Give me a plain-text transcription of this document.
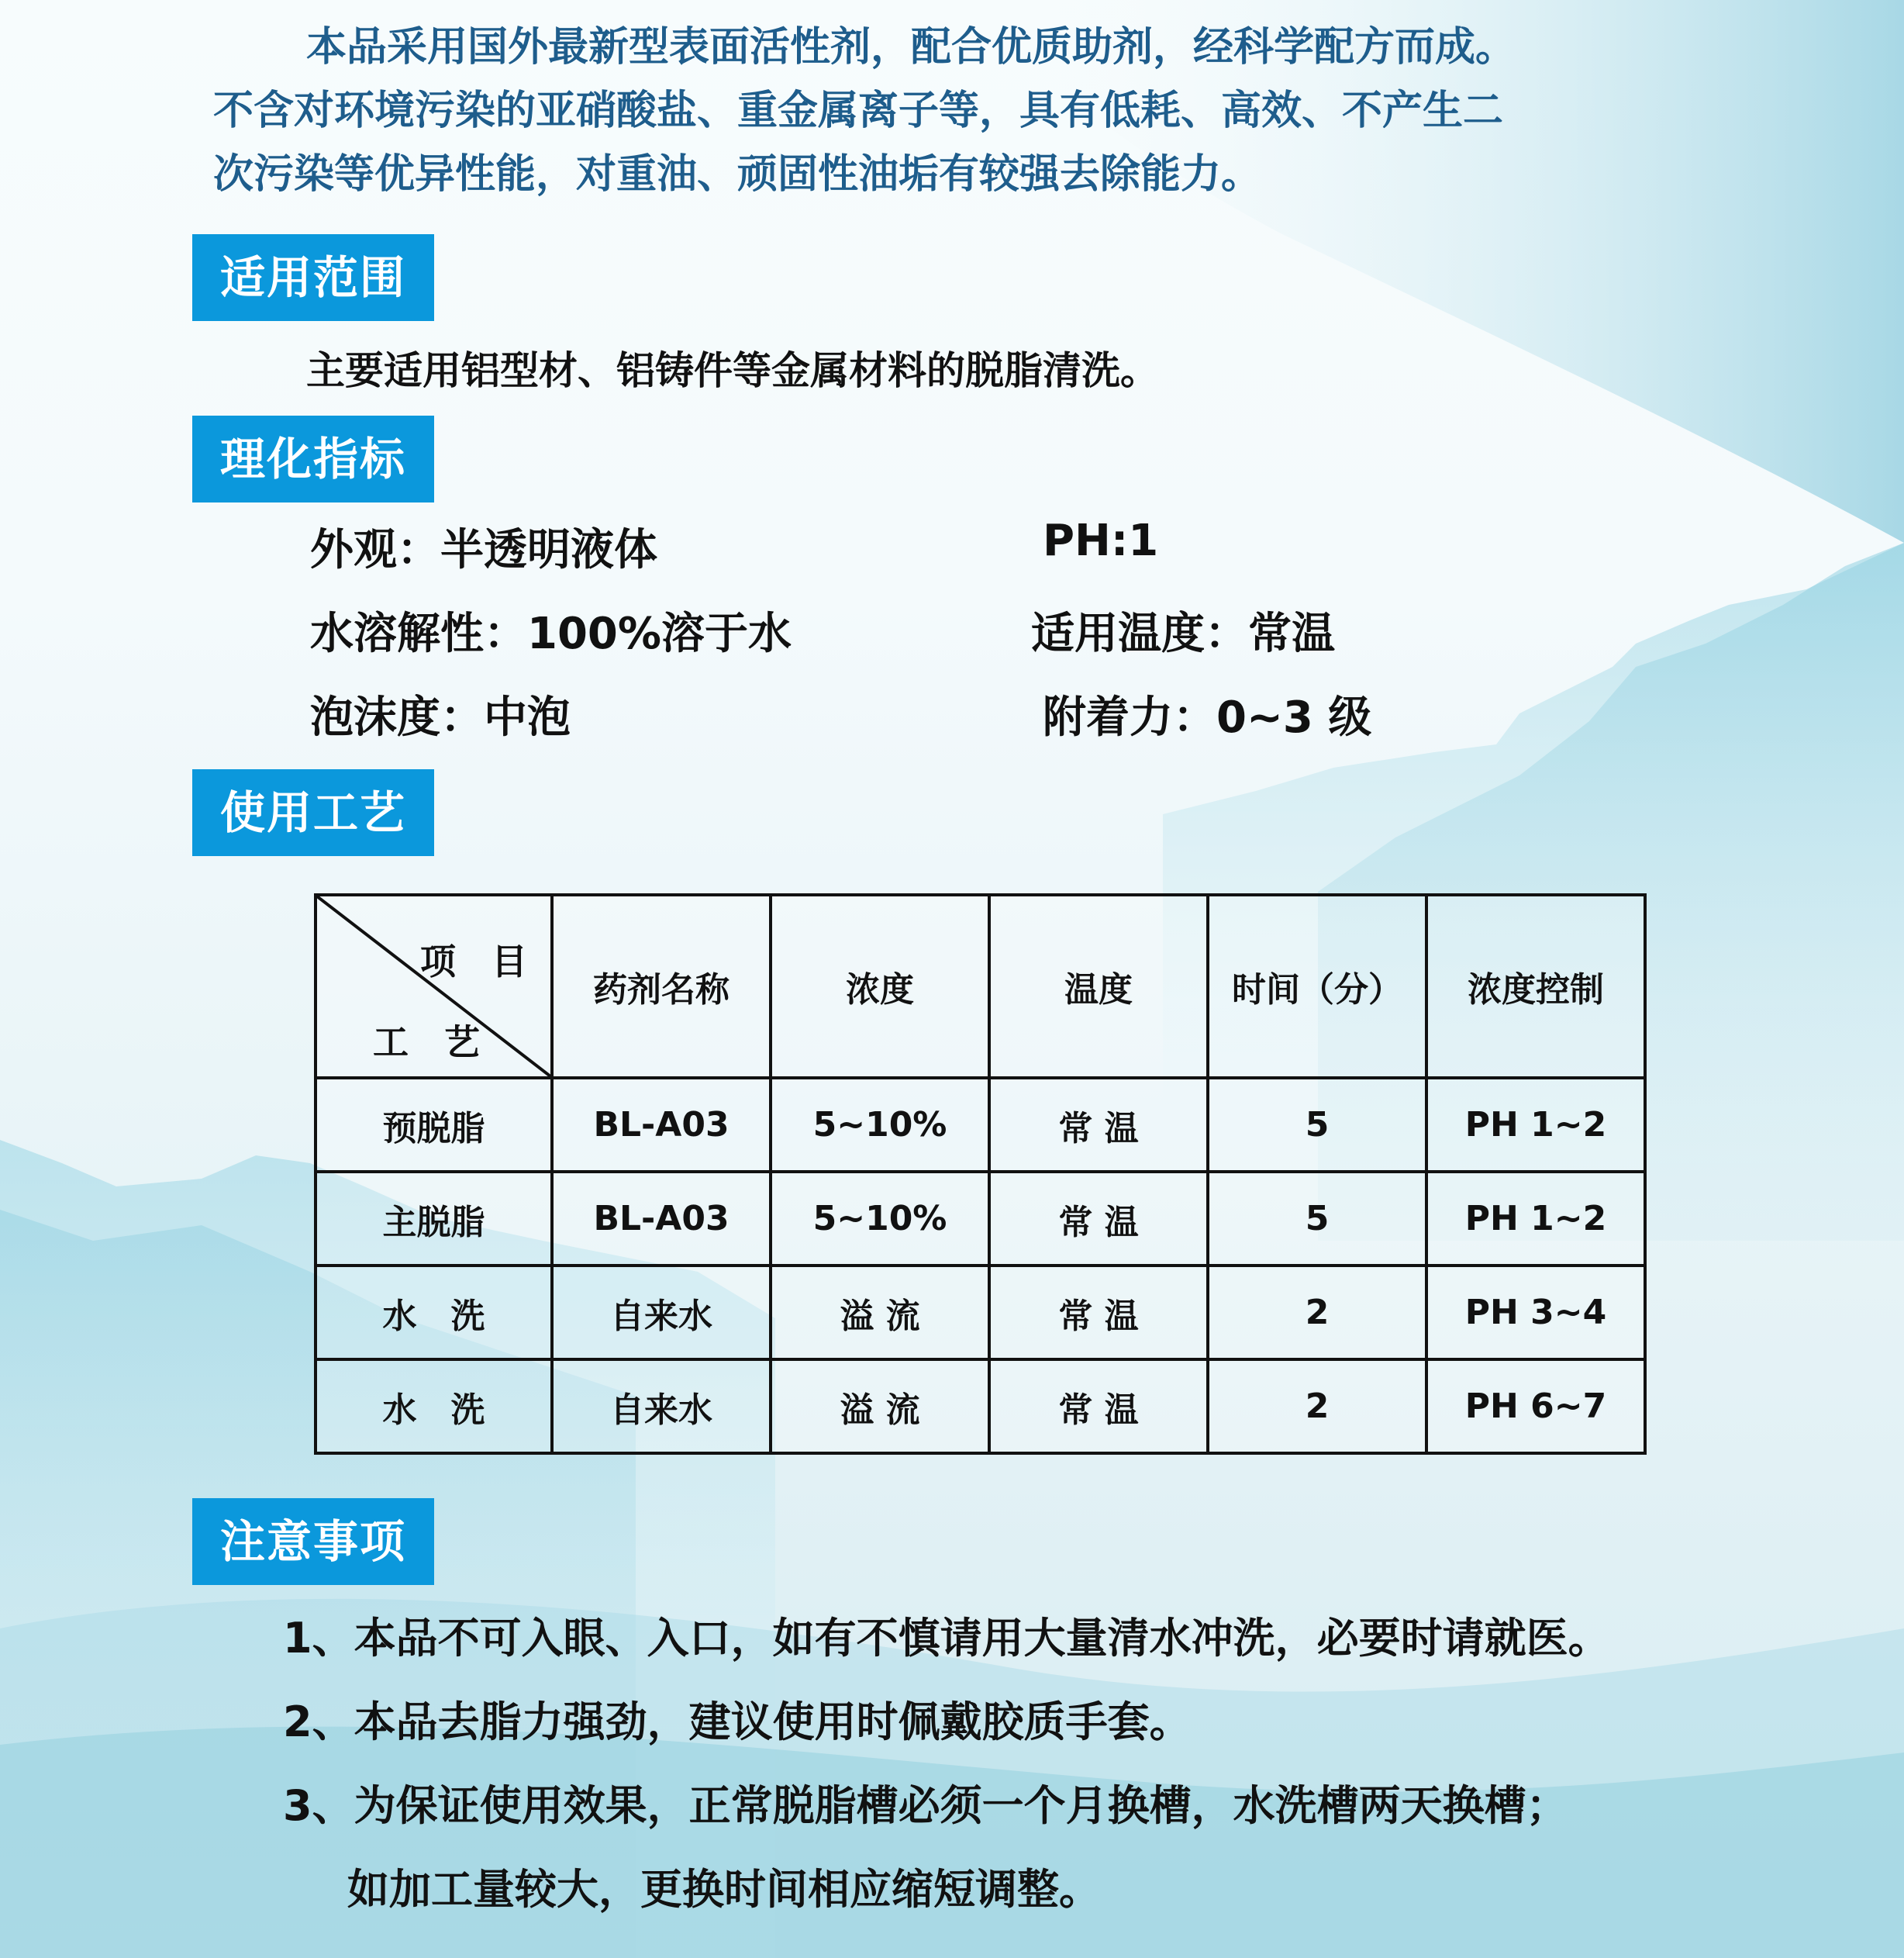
本品采用国外最新型表面活性剂，配合优质助剂，经科学配方而成。
不含对环境污染的亚硝酸盐、重金属离子等，具有低耗、高效、不产生二
次污染等优异性能，对重油、顽固性油垢有较强去除能力。
适用范围
主要适用铝型材、铝铸件等金属材料的脱脂清洗。
理化指标
外观：半透明液体	PH:1
水溶解性：100%溶于水	适用温度：常温
泡沫度：中泡	附着力：0~3 级
使用工艺
项　目
工　艺	药剂名称	浓度	温度	时间（分）	浓度控制
预脱脂	BL-A03	5~10%	常 温	5	PH 1~2
主脱脂	BL-A03	5~10%	常 温	5	PH 1~2
水　洗	自来水	溢 流	常 温	2	PH 3~4
水　洗	自来水	溢 流	常 温	2	PH 6~7
注意事项
1、本品不可入眼、入口，如有不慎请用大量清水冲洗，必要时请就医。
2、本品去脂力强劲，建议使用时佩戴胶质手套。
3、为保证使用效果，正常脱脂槽必须一个月换槽，水洗槽两天换槽；
如加工量较大，更换时间相应缩短调整。
